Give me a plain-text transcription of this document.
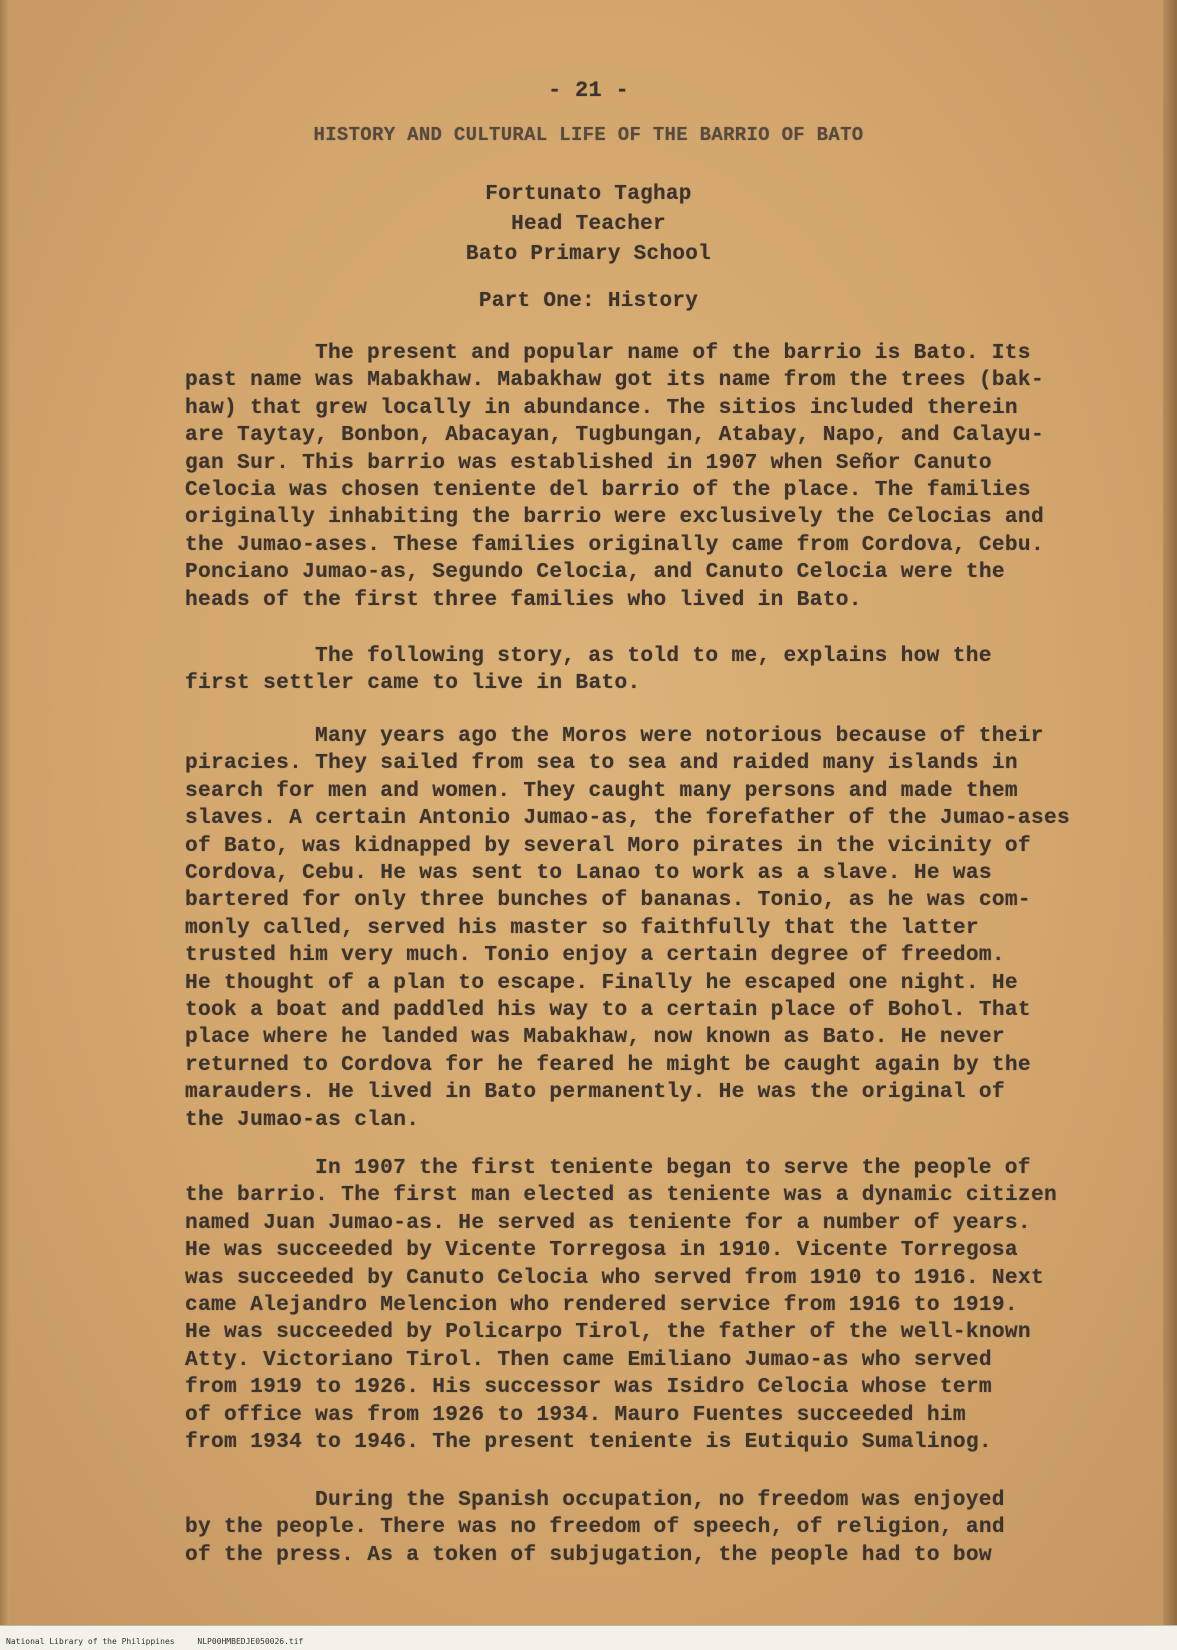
- 21 -
HISTORY AND CULTURAL LIFE OF THE BARRIO OF BATO
Fortunato Taghap
Head Teacher
Bato Primary School
Part One: History

The present and popular name of the barrio is Bato. Its
past name was Mabakhaw. Mabakhaw got its name from the trees (bak-
haw) that grew locally in abundance. The sitios included therein
are Taytay, Bonbon, Abacayan, Tugbungan, Atabay, Napo, and Calayu-
gan Sur. This barrio was established in 1907 when Señor Canuto
Celocia was chosen teniente del barrio of the place. The families
originally inhabiting the barrio were exclusively the Celocias and
the Jumao-ases. These families originally came from Cordova, Cebu.
Ponciano Jumao-as, Segundo Celocia, and Canuto Celocia were the
heads of the first three families who lived in Bato.

The following story, as told to me, explains how the
first settler came to live in Bato.

Many years ago the Moros were notorious because of their
piracies. They sailed from sea to sea and raided many islands in
search for men and women. They caught many persons and made them
slaves. A certain Antonio Jumao-as, the forefather of the Jumao-ases
of Bato, was kidnapped by several Moro pirates in the vicinity of
Cordova, Cebu. He was sent to Lanao to work as a slave. He was
bartered for only three bunches of bananas. Tonio, as he was com-
monly called, served his master so faithfully that the latter
trusted him very much. Tonio enjoy a certain degree of freedom.
He thought of a plan to escape. Finally he escaped one night. He
took a boat and paddled his way to a certain place of Bohol. That
place where he landed was Mabakhaw, now known as Bato. He never
returned to Cordova for he feared he might be caught again by the
marauders. He lived in Bato permanently. He was the original of
the Jumao-as clan.

In 1907 the first teniente began to serve the people of
the barrio. The first man elected as teniente was a dynamic citizen
named Juan Jumao-as. He served as teniente for a number of years.
He was succeeded by Vicente Torregosa in 1910. Vicente Torregosa
was succeeded by Canuto Celocia who served from 1910 to 1916. Next
came Alejandro Melencion who rendered service from 1916 to 1919.
He was succeeded by Policarpo Tirol, the father of the well-known
Atty. Victoriano Tirol. Then came Emiliano Jumao-as who served
from 1919 to 1926. His successor was Isidro Celocia whose term
of office was from 1926 to 1934. Mauro Fuentes succeeded him
from 1934 to 1946. The present teniente is Eutiquio Sumalinog.

During the Spanish occupation, no freedom was enjoyed
by the people. There was no freedom of speech, of religion, and
of the press. As a token of subjugation, the people had to bow

National Library of the Philippines	NLP00HMBEDJE050026.tif
